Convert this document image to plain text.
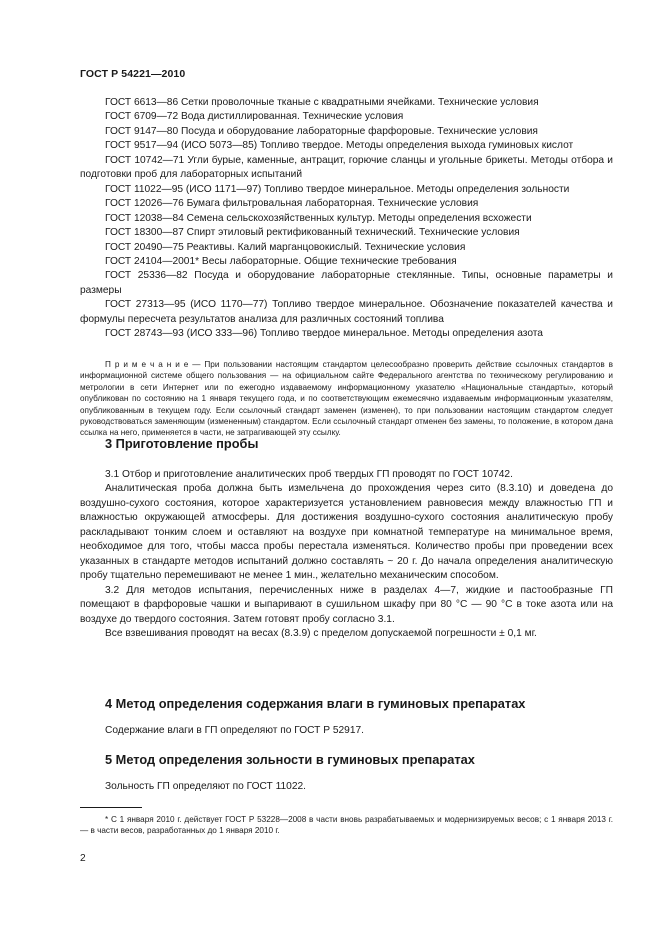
ГОСТ Р 54221—2010

ГОСТ 6613—86 Сетки проволочные тканые с квадратными ячейками. Технические условия

ГОСТ 6709—72 Вода дистиллированная. Технические условия

ГОСТ 9147—80 Посуда и оборудование лабораторные фарфоровые. Технические условия

ГОСТ 9517—94 (ИСО 5073—85) Топливо твердое. Методы определения выхода гуминовых кислот

ГОСТ 10742—71 Угли бурые, каменные, антрацит, горючие сланцы и угольные брикеты. Методы отбора и подготовки проб для лабораторных испытаний

ГОСТ 11022—95 (ИСО 1171—97) Топливо твердое минеральное. Методы определения зольности

ГОСТ 12026—76 Бумага фильтровальная лабораторная. Технические условия

ГОСТ 12038—84 Семена сельскохозяйственных культур. Методы определения всхожести

ГОСТ 18300—87 Спирт этиловый ректификованный технический. Технические условия

ГОСТ 20490—75 Реактивы. Калий марганцовокислый. Технические условия

ГОСТ 24104—2001* Весы лабораторные. Общие технические требования

ГОСТ 25336—82 Посуда и оборудование лабораторные стеклянные. Типы, основные параметры и размеры

ГОСТ 27313—95 (ИСО 1170—77) Топливо твердое минеральное. Обозначение показателей качества и формулы пересчета результатов анализа для различных состояний топлива

ГОСТ 28743—93 (ИСО 333—96) Топливо твердое минеральное. Методы определения азота

П р и м е ч а н и е — При пользовании настоящим стандартом целесообразно проверить действие ссылочных стандартов в информационной системе общего пользования — на официальном сайте Федерального агентства по техническому регулированию и метрологии в сети Интернет или по ежегодно издаваемому информационному указателю «Национальные стандарты», который опубликован по состоянию на 1 января текущего года, и по соответствующим ежемесячно издаваемым информационным указателям, опубликованным в текущем году. Если ссылочный стандарт заменен (изменен), то при пользовании настоящим стандартом следует руководствоваться заменяющим (измененным) стандартом. Если ссылочный стандарт отменен без замены, то положение, в котором дана ссылка на него, применяется в части, не затрагивающей эту ссылку.

3 Приготовление пробы

3.1 Отбор и приготовление аналитических проб твердых ГП проводят по ГОСТ 10742.

Аналитическая проба должна быть измельчена до прохождения через сито (8.3.10) и доведена до воздушно-сухого состояния, которое характеризуется установлением равновесия между влажностью ГП и влажностью окружающей атмосферы. Для достижения воздушно-сухого состояния аналитическую пробу раскладывают тонким слоем и оставляют на воздухе при комнатной температуре на минимальное время, необходимое для того, чтобы масса пробы перестала изменяться. Количество пробы при проведении всех указанных в стандарте методов испытаний должно составлять ~ 20 г. До начала определения аналитическую пробу тщательно перемешивают не менее 1 мин., желательно механическим способом.

3.2 Для методов испытания, перечисленных ниже в разделах 4—7, жидкие и пастообразные ГП помещают в фарфоровые чашки и выпаривают в сушильном шкафу при 80 °С — 90 °С в токе азота или на воздухе до твердого состояния. Затем готовят пробу согласно 3.1.

Все взвешивания проводят на весах (8.3.9) с пределом допускаемой погрешности ± 0,1 мг.

4 Метод определения содержания влаги в гуминовых препаратах

Содержание влаги в ГП определяют по ГОСТ Р 52917.

5 Метод определения зольности в гуминовых препаратах

Зольность ГП определяют по ГОСТ 11022.

* С 1 января 2010 г. действует ГОСТ Р 53228—2008 в части вновь разрабатываемых и модернизируемых весов; с 1 января 2013 г. — в части весов, разработанных до 1 января 2010 г.

2
